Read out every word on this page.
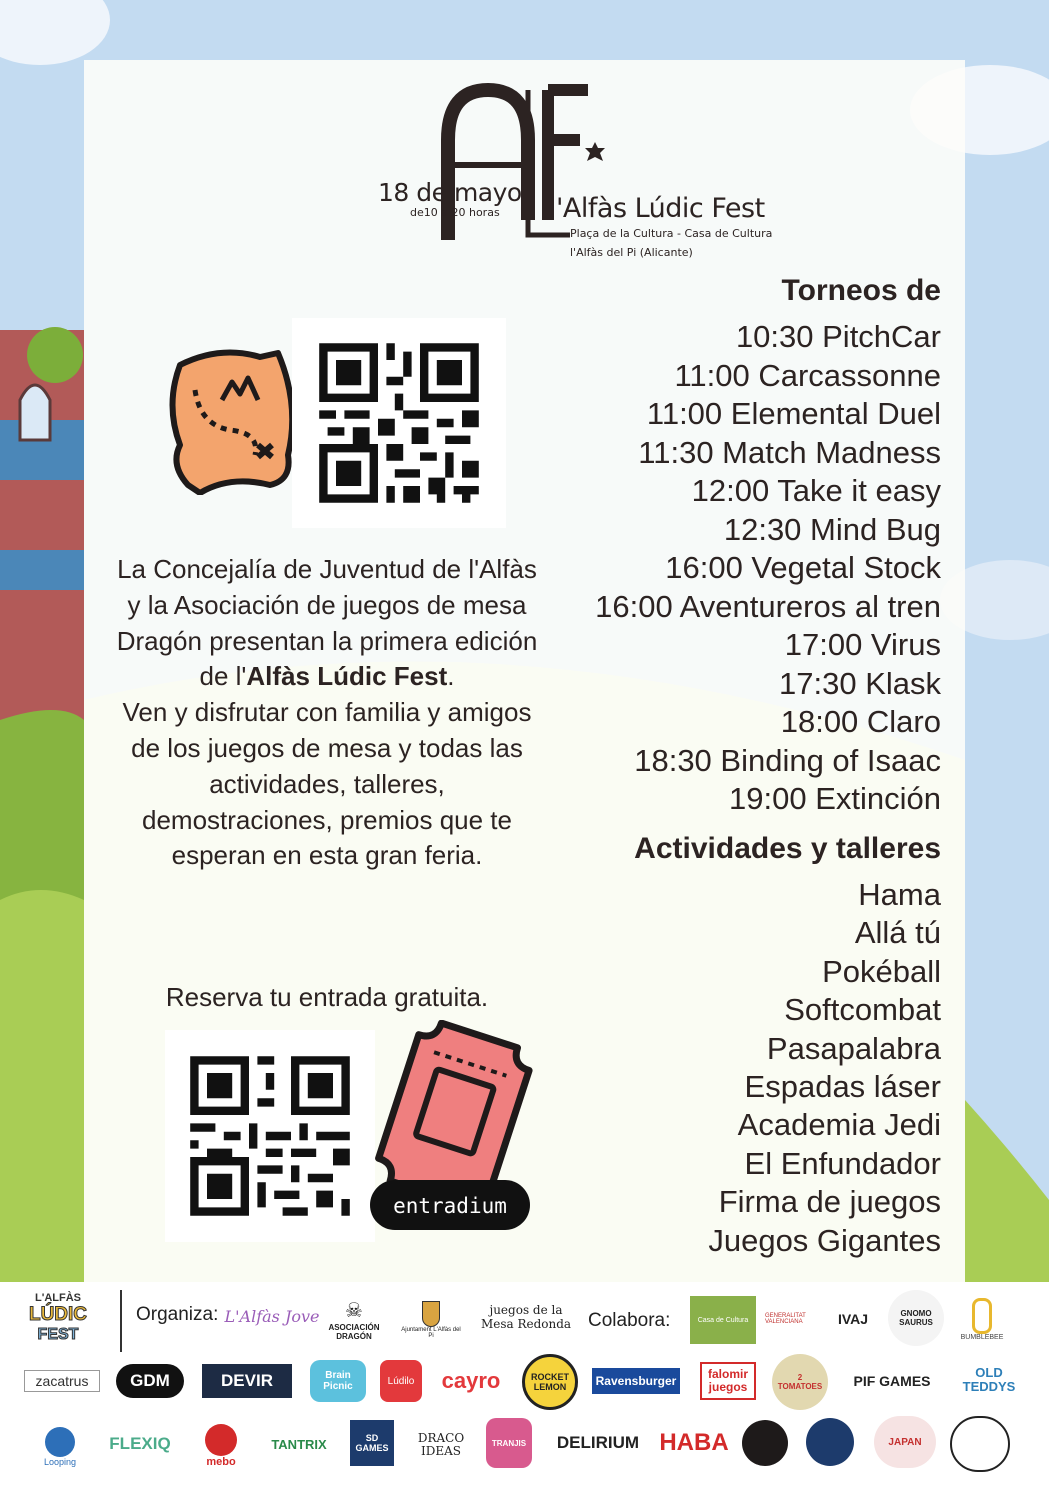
18 de mayo
de10 a 20 horas l'Alfàs Lúdic Fest
Plaça de la Cultura - Casa de Cultura
l'Alfàs del Pi (Alicante)
La Concejalía de Juventud de l'Alfàs y la Asociación de juegos de mesa Dragón presentan la primera edición de l'Alfàs Lúdic Fest.
Ven y disfrutar con familia y amigos de los juegos de mesa y todas las actividades, talleres, demostraciones, premios que te esperan en esta gran feria.
Reserva tu entrada gratuita.
entradium
Torneos de
10:30 PitchCar
11:00 Carcassonne
11:00 Elemental Duel
11:30 Match Madness
12:00 Take it easy
12:30 Mind Bug
16:00 Vegetal Stock
16:00 Aventureros al tren
17:00 Virus
17:30 Klask
18:00 Claro
18:30 Binding of Isaac
19:00 Extinción
Actividades y talleres
Hama
Allá tú
Pokéball
Softcombat
Pasapalabra
Espadas láser
Academia Jedi
El Enfundador
Firma de juegos
Juegos Gigantes
L'ALFÀS
LÚDIC
FEST
Organiza: L'Alfàs Jove ☠
ASOCIACIÓN DRAGÓN
Ajuntament L'Alfàs del Pi
juegos de la Mesa Redonda Colabora:	Casa de Cultura
GENERALITAT VALENCIANA	IVAJ	GNOMO SAURUS
BUMBLEBEE
zacatrus GDM	DEVIR	Brain Picnic	Lúdilo cayro	ROCKET LEMON	Ravensburger	falomir juegos
2 TOMATOES PIF GAMES
OLD TEDDYS
Looping
FLEXIQ
mebo
TANTRIX	SD GAMES
DRACO IDEAS
TRANJIS DELIRIUM HABA	JAPAN
